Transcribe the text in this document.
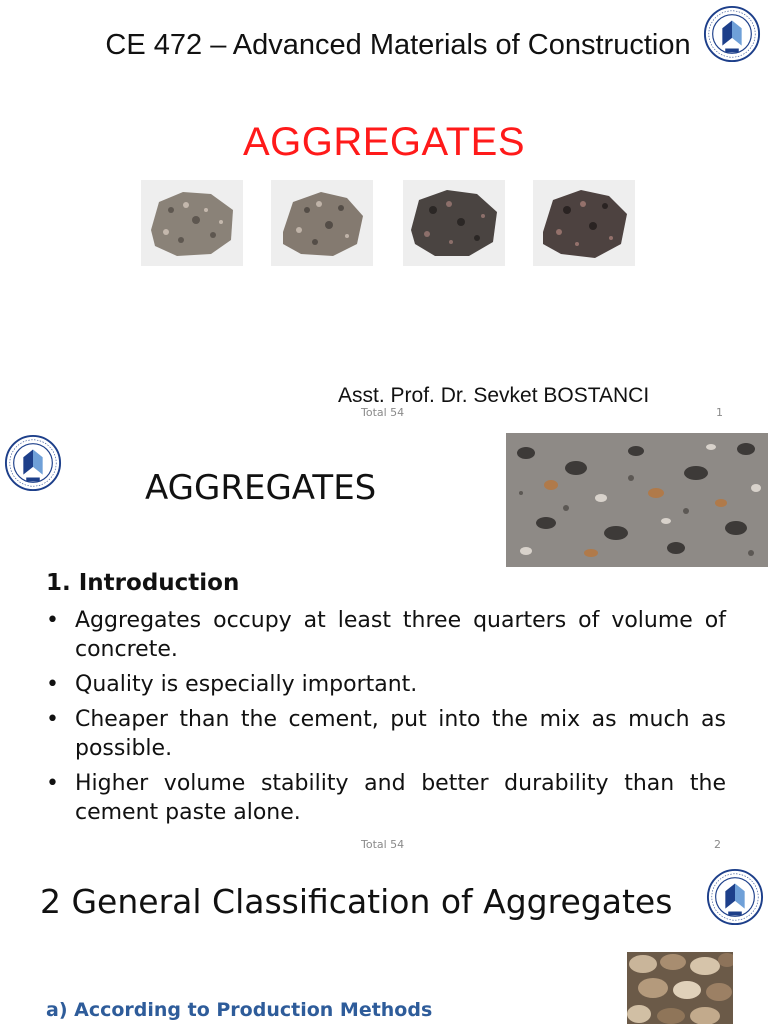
CE 472 – Advanced Materials of Construction
AGGREGATES
Asst. Prof. Dr. Sevket BOSTANCI
Total 54	1
AGGREGATES
1. Introduction
• Aggregates occupy at least three quarters of volume of concrete.
• Quality is especially important.
• Cheaper than the cement, put into the mix as much as possible.
• Higher volume stability and better durability than the cement paste alone.
Total 54	2
2 General Classification of Aggregates
a) According to Production Methods
